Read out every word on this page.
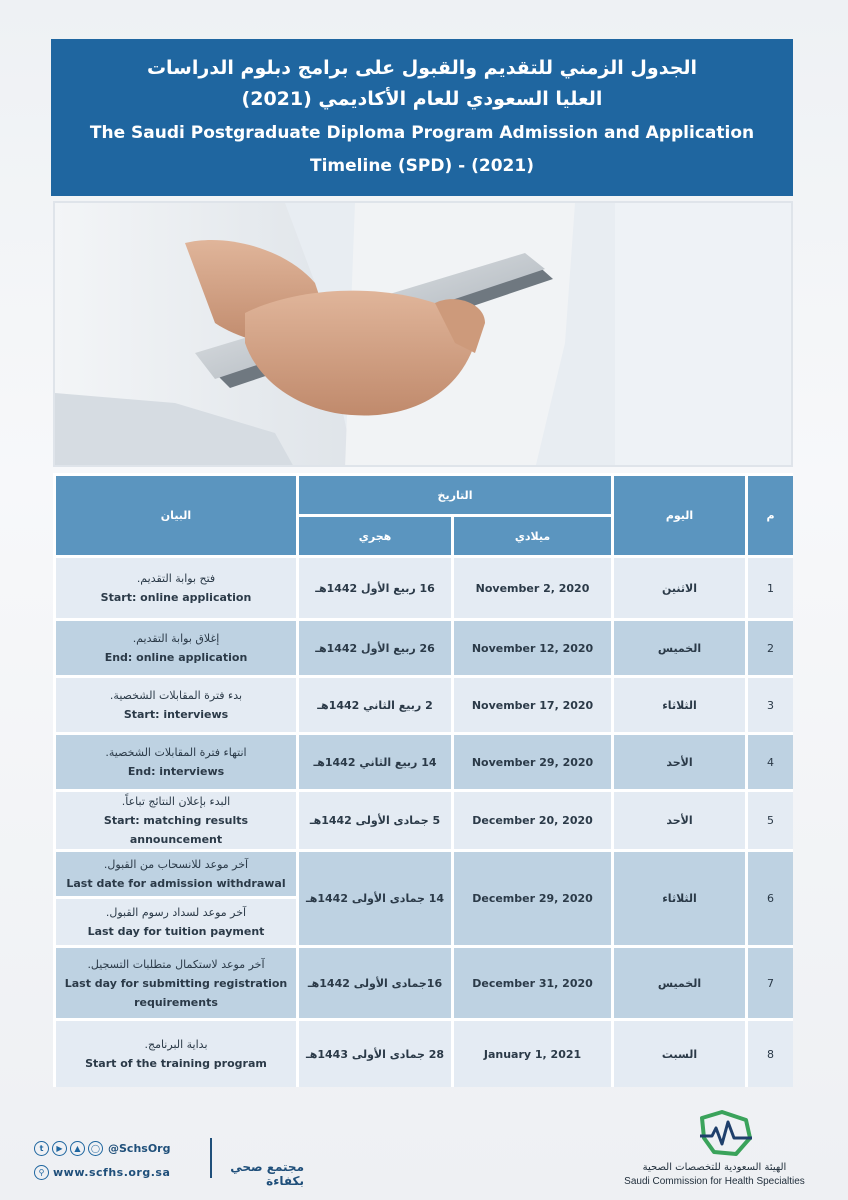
الجدول الزمني للتقديم والقبول على برامج دبلوم الدراسات
العليا السعودي للعام الأكاديمي (2021)
The Saudi Postgraduate Diploma Program Admission and Application
Timeline (SPD) - (2021)
م	اليوم	التاريخ		البيان
		ميلادي	هجري	
1	الاثنين	November 2, 2020	16 ربيع الأول 1442هـ	فتح بوابة التقديم.
Start: online application

2	الخميس	November 12, 2020	26 ربيع الأول 1442هـ	إغلاق بوابة التقديم.
End: online application

3	الثلاثاء	November 17, 2020	2 ربيع الثاني 1442هـ	بدء فترة المقابلات الشخصية.
Start: interviews

4	الأحد	November 29, 2020	14 ربيع الثاني 1442هـ	انتهاء فترة المقابلات الشخصية.
End: interviews

5	الأحد	December 20, 2020	5 جمادى الأولى 1442هـ	البدء بإعلان النتائج تباعاً.
Start: matching results announcement

6	الثلاثاء	December 29, 2020	14 جمادى الأولى 1442هـ	آخر موعد للانسحاب من القبول.
Last date for admission withdrawal

				آخر موعد لسداد رسوم القبول.
Last day for tuition payment

7	الخميس	December 31, 2020	16جمادى الأولى 1442هـ	آخر موعد لاستكمال متطلبات التسجيل.
Last day for submitting registration requirements

8	السبت	January 1, 2021	28 جمادى الأولى 1443هـ	بداية البرنامج.
Start of the training program
t	▶	▲	◯ @SchsOrg
⚲ www.scfhs.org.sa	مجتمع صحي بكفاءة
الهيئة السعودية للتخصصات الصحية
Saudi Commission for Health Specialties
